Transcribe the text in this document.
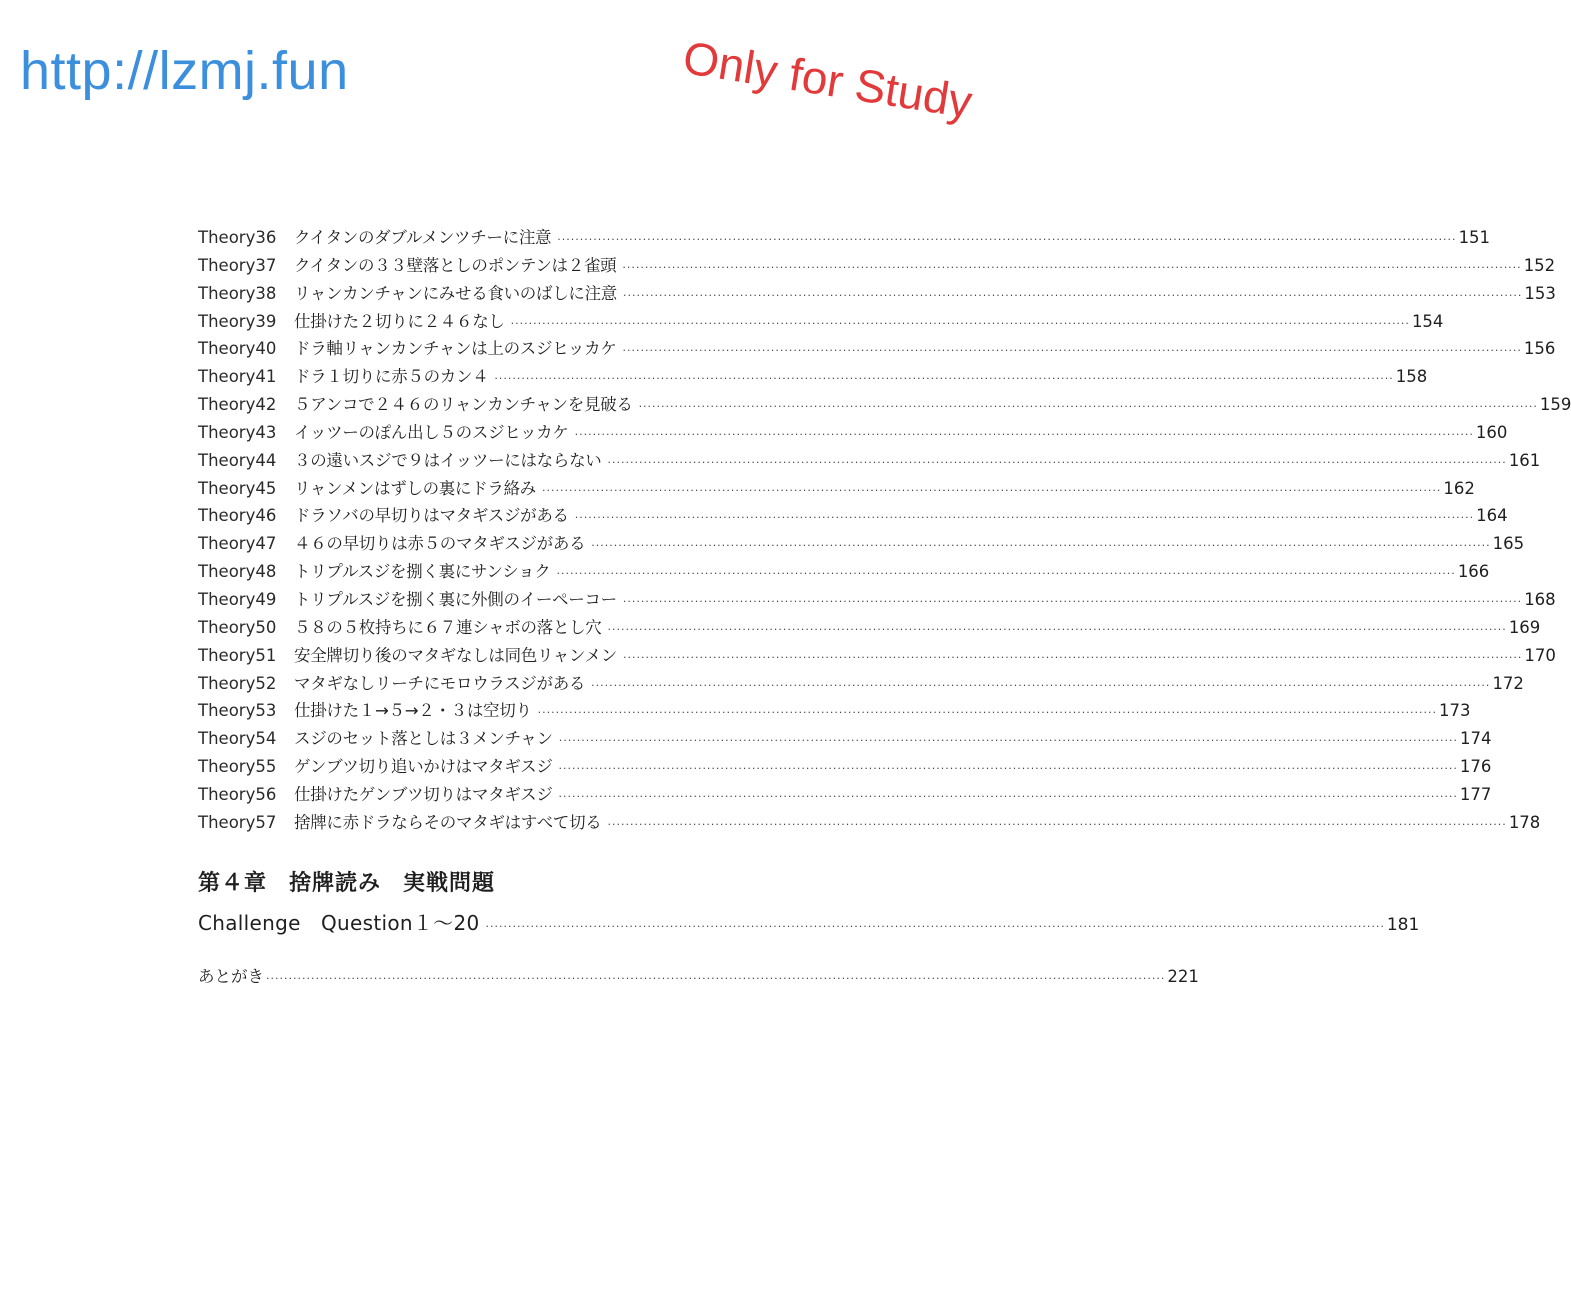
http://lzmj.fun	Only for Study
Theory36	クイタンのダブルメンツチーに注意 ········································································································································································································ 151
Theory37	クイタンの３３壁落としのポンテンは２雀頭 ········································································································································································································ 152
Theory38	リャンカンチャンにみせる食いのばしに注意 ········································································································································································································ 153
Theory39	仕掛けた２切りに２４６なし ········································································································································································································ 154
Theory40	ドラ軸リャンカンチャンは上のスジヒッカケ ········································································································································································································ 156
Theory41	ドラ１切りに赤５のカン４ ········································································································································································································ 158
Theory42	５アンコで２４６のリャンカンチャンを見破る ········································································································································································································ 159
Theory43	イッツーのぽん出し５のスジヒッカケ ········································································································································································································ 160
Theory44	３の遠いスジで９はイッツーにはならない ········································································································································································································ 161
Theory45	リャンメンはずしの裏にドラ絡み ········································································································································································································ 162
Theory46	ドラソバの早切りはマタギスジがある ········································································································································································································ 164
Theory47	４６の早切りは赤５のマタギスジがある ········································································································································································································ 165
Theory48	トリプルスジを捌く裏にサンショク ········································································································································································································ 166
Theory49	トリプルスジを捌く裏に外側のイーペーコー ········································································································································································································ 168
Theory50	５８の５枚持ちに６７連シャボの落とし穴 ········································································································································································································ 169
Theory51	安全牌切り後のマタギなしは同色リャンメン ········································································································································································································ 170
Theory52	マタギなしリーチにモロウラスジがある ········································································································································································································ 172
Theory53	仕掛けた１→５→２・３は空切り ········································································································································································································ 173
Theory54	スジのセット落としは３メンチャン ········································································································································································································ 174
Theory55	ゲンブツ切り追いかけはマタギスジ ········································································································································································································ 176
Theory56	仕掛けたゲンブツ切りはマタギスジ ········································································································································································································ 177
Theory57	捨牌に赤ドラならそのマタギはすべて切る ········································································································································································································ 178
第４章 捨牌読み 実戦問題
Challenge　Question１～20 ········································································································································································································ 181
あとがき ········································································································································································································ 221
